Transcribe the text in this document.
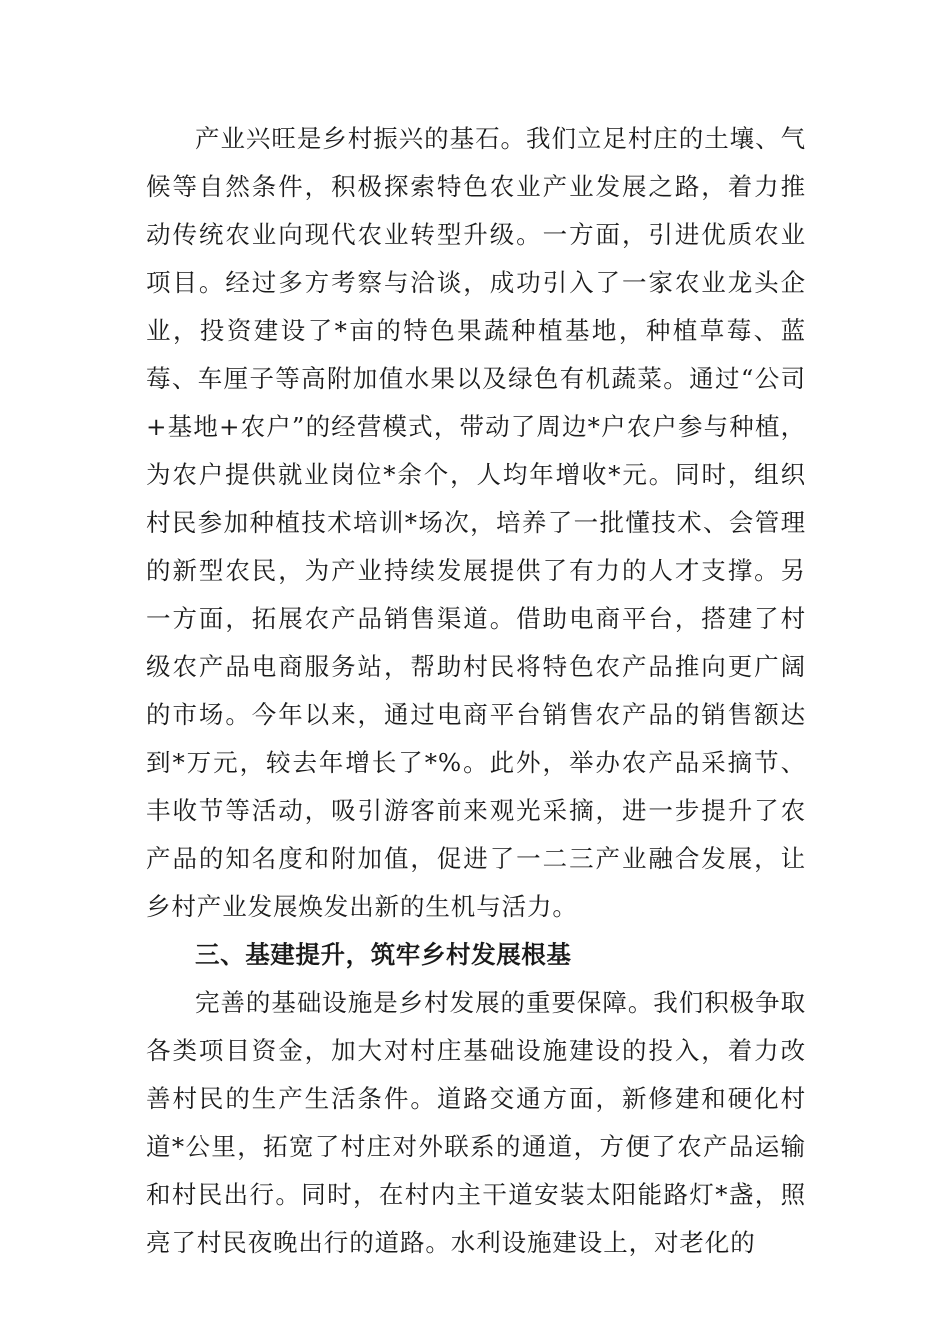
产业兴旺是乡村振兴的基石。我们立足村庄的土壤、气候等自然条件，积极探索特色农业产业发展之路，着力推动传统农业向现代农业转型升级。一方面，引进优质农业项目。经过多方考察与洽谈，成功引入了一家农业龙头企业，投资建设了*亩的特色果蔬种植基地，种植草莓、蓝莓、车厘子等高附加值水果以及绿色有机蔬菜。通过“公司+基地+农户”的经营模式，带动了周边*户农户参与种植，为农户提供就业岗位*余个，人均年增收*元。同时，组织村民参加种植技术培训*场次，培养了一批懂技术、会管理的新型农民，为产业持续发展提供了有力的人才支撑。另一方面，拓展农产品销售渠道。借助电商平台，搭建了村级农产品电商服务站，帮助村民将特色农产品推向更广阔的市场。今年以来，通过电商平台销售农产品的销售额达到*万元，较去年增长了*%。此外，举办农产品采摘节、丰收节等活动，吸引游客前来观光采摘，进一步提升了农产品的知名度和附加值，促进了一二三产业融合发展，让乡村产业发展焕发出新的生机与活力。

三、基建提升，筑牢乡村发展根基

完善的基础设施是乡村发展的重要保障。我们积极争取各类项目资金，加大对村庄基础设施建设的投入，着力改善村民的生产生活条件。道路交通方面，新修建和硬化村道*公里，拓宽了村庄对外联系的通道，方便了农产品运输和村民出行。同时，在村内主干道安装太阳能路灯*盏，照亮了村民夜晚出行的道路。水利设施建设上，对老化的
